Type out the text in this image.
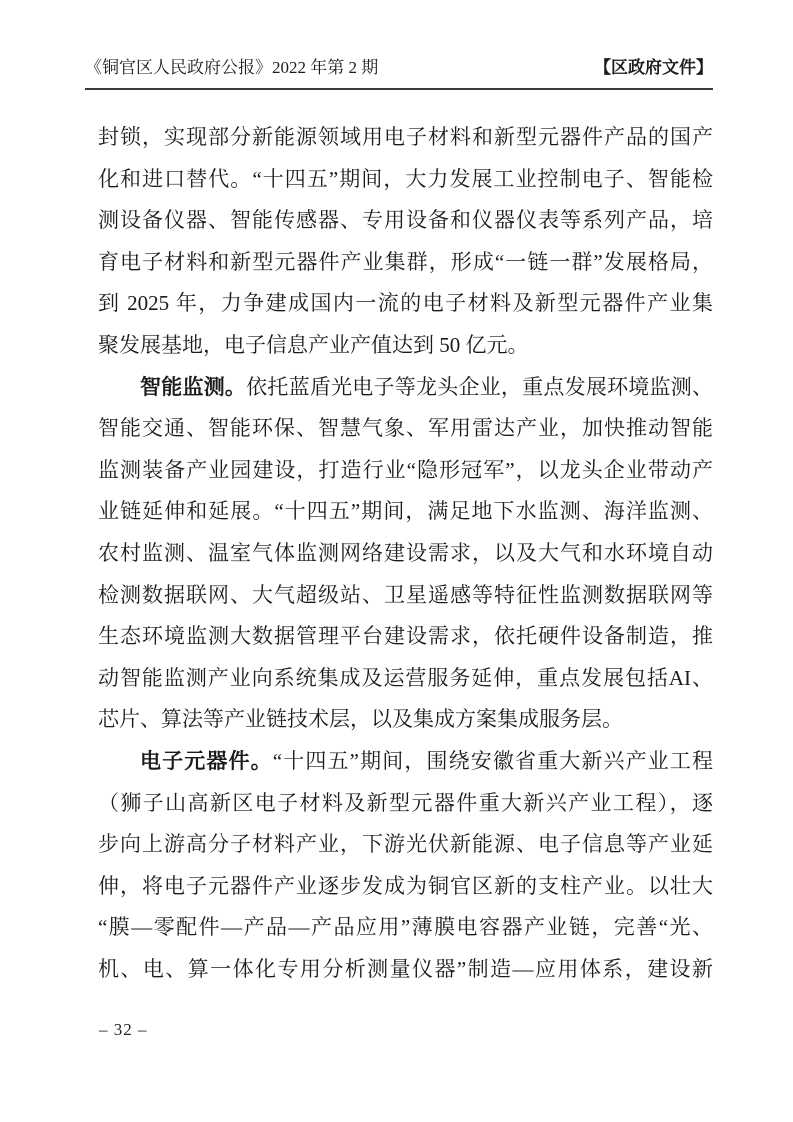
《铜官区人民政府公报》2022 年第 2 期	【区政府文件】
封锁，实现部分新能源领域用电子材料和新型元器件产品的国产
化和进口替代。“十四五”期间，大力发展工业控制电子、智能检
测设备仪器、智能传感器、专用设备和仪器仪表等系列产品，培
育电子材料和新型元器件产业集群，形成“一链一群”发展格局，
到 2025 年，力争建成国内一流的电子材料及新型元器件产业集
聚发展基地，电子信息产业产值达到 50 亿元。
智能监测。依托蓝盾光电子等龙头企业，重点发展环境监测、
智能交通、智能环保、智慧气象、军用雷达产业，加快推动智能
监测装备产业园建设，打造行业“隐形冠军”，以龙头企业带动产
业链延伸和延展。“十四五”期间，满足地下水监测、海洋监测、
农村监测、温室气体监测网络建设需求，以及大气和水环境自动
检测数据联网、大气超级站、卫星遥感等特征性监测数据联网等
生态环境监测大数据管理平台建设需求，依托硬件设备制造，推
动智能监测产业向系统集成及运营服务延伸，重点发展包括AI、
芯片、算法等产业链技术层，以及集成方案集成服务层。
电子元器件。“十四五”期间，围绕安徽省重大新兴产业工程
（狮子山高新区电子材料及新型元器件重大新兴产业工程），逐
步向上游高分子材料产业，下游光伏新能源、电子信息等产业延
伸，将电子元器件产业逐步发成为铜官区新的支柱产业。以壮大
“膜—零配件—产品—产品应用”薄膜电容器产业链，完善“光、
机、电、算一体化专用分析测量仪器”制造—应用体系，建设新
– 32 –
